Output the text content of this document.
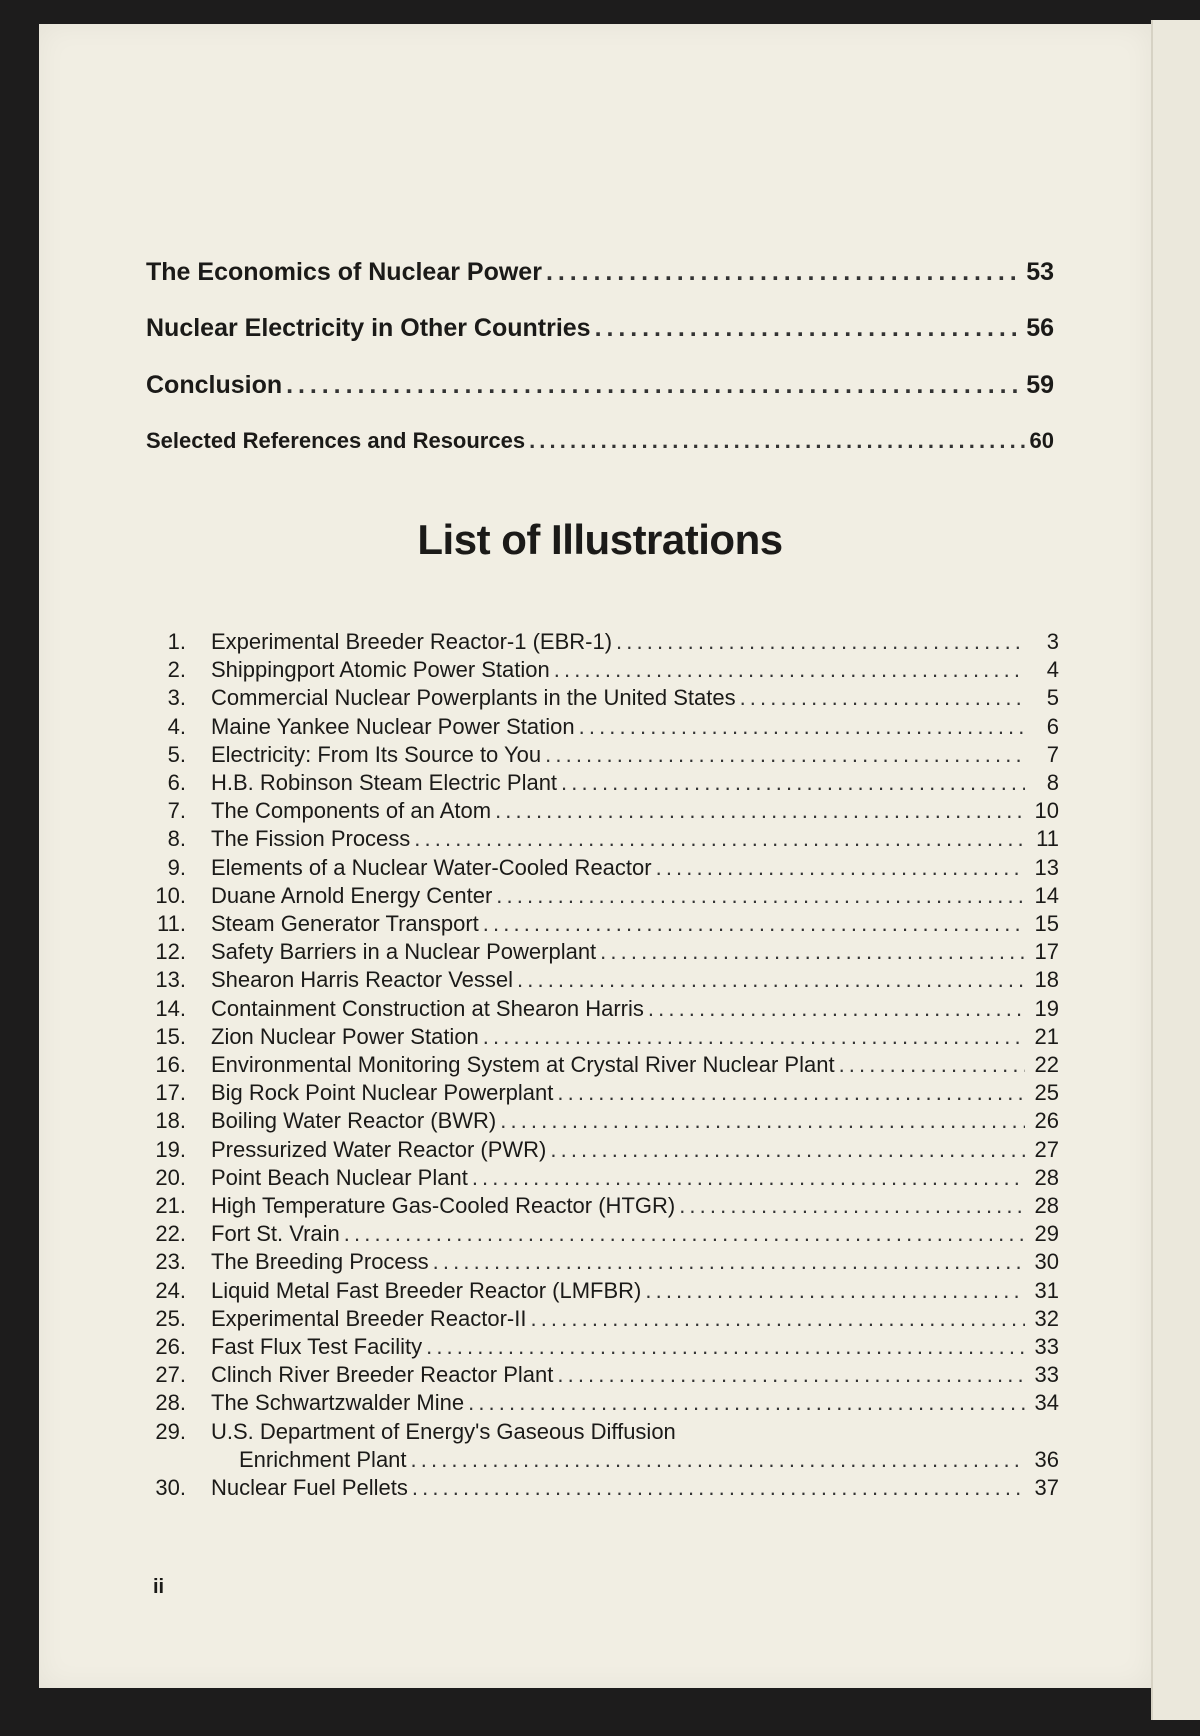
The Economics of Nuclear Power . . .	53
Nuclear Electricity in Other Countries . . .	56
Conclusion . . .	59
Selected References and Resources . . .	60
List of Illustrations
1. Experimental Breeder Reactor-1 (EBR-1) . . .	3
2. Shippingport Atomic Power Station . . .	4
3. Commercial Nuclear Powerplants in the United States . . .	5
4. Maine Yankee Nuclear Power Station . . .	6
5. Electricity: From Its Source to You . . .	7
6. H.B. Robinson Steam Electric Plant . . .	8
7. The Components of an Atom . . .	10
8. The Fission Process . . .	11
9. Elements of a Nuclear Water-Cooled Reactor . . .	13
10. Duane Arnold Energy Center . . .	14
11. Steam Generator Transport . . .	15
12. Safety Barriers in a Nuclear Powerplant . . .	17
13. Shearon Harris Reactor Vessel . . .	18
14. Containment Construction at Shearon Harris . . .	19
15. Zion Nuclear Power Station . . .	21
16. Environmental Monitoring System at Crystal River Nuclear Plant . . .	22
17. Big Rock Point Nuclear Powerplant . . .	25
18. Boiling Water Reactor (BWR) . . .	26
19. Pressurized Water Reactor (PWR) . . .	27
20. Point Beach Nuclear Plant . . .	28
21. High Temperature Gas-Cooled Reactor (HTGR) . . .	28
22. Fort St. Vrain . . .	29
23. The Breeding Process . . .	30
24. Liquid Metal Fast Breeder Reactor (LMFBR) . . .	31
25. Experimental Breeder Reactor-II . . .	32
26. Fast Flux Test Facility . . .	33
27. Clinch River Breeder Reactor Plant . . .	33
28. The Schwartzwalder Mine . . .	34
29. U.S. Department of Energy's Gaseous Diffusion
Enrichment Plant . . .	36
30. Nuclear Fuel Pellets . . .	37
ii
